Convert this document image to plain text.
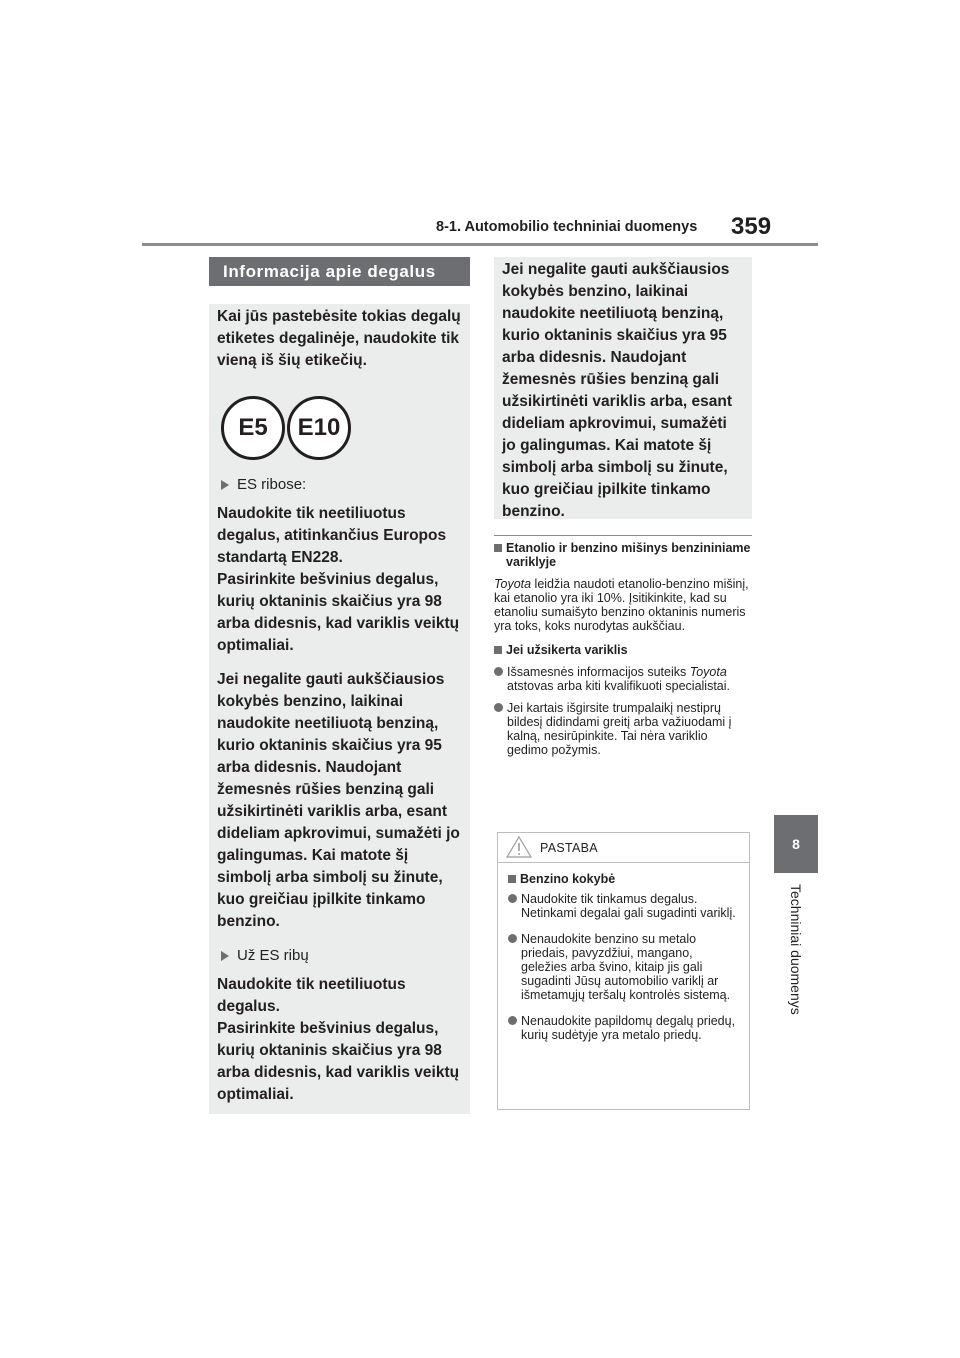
8-1. Automobilio techniniai duomenys 359
8
Techniniai duomenys
Informacija apie degalus

Kai jūs pastebėsite tokias degalų etiketes degalinėje, naudokite tik vieną iš šių etikečių.

E5 E10
ES ribose:

Naudokite tik neetiliuotus degalus, atitinkančius Europos standartą EN228.

Pasirinkite bešvinius degalus, kurių oktaninis skaičius yra 98 arba didesnis, kad variklis veiktų optimaliai.

Jei negalite gauti aukščiausios kokybės benzino, laikinai naudokite neetiliuotą benziną, kurio oktaninis skaičius yra 95 arba didesnis. Naudojant žemesnės rūšies benziną gali užsikirtinėti variklis arba, esant dideliam apkrovimui, sumažėti jo galingumas. Kai matote šį simbolį arba simbolį su žinute, kuo greičiau įpilkite tinkamo benzino.

Už ES ribų

Naudokite tik neetiliuotus degalus.

Pasirinkite bešvinius degalus, kurių oktaninis skaičius yra 98 arba didesnis, kad variklis veiktų optimaliai.

Jei negalite gauti aukščiausios kokybės benzino, laikinai naudokite neetiliuotą benziną, kurio oktaninis skaičius yra 95 arba didesnis. Naudojant žemesnės rūšies benziną gali užsikirtinėti variklis arba, esant dideliam apkrovimui, sumažėti jo galingumas. Kai matote šį simbolį arba simbolį su žinute, kuo greičiau įpilkite tinkamo benzino.

Etanolio ir benzino mišinys benzininiame variklyje

Toyota leidžia naudoti etanolio-benzino mišinį, kai etanolio yra iki 10%. Įsitikinkite, kad su etanoliu sumaišyto benzino oktaninis numeris yra toks, koks nurodytas aukščiau.

Jei užsikerta variklis
Išsamesnės informacijos suteiks Toyota atstovas arba kiti kvalifikuoti specialistai.
Jei kartais išgirsite trumpalaikį nestiprų bildesį didindami greitį arba važiuodami į kalną, nesirūpinkite. Tai nėra variklio gedimo požymis.
PASTABA
Benzino kokybė
Naudokite tik tinkamus degalus. Netinkami degalai gali sugadinti variklį.
Nenaudokite benzino su metalo priedais, pavyzdžiui, mangano, geležies arba švino, kitaip jis gali sugadinti Jūsų automobilio variklį ar išmetamųjų teršalų kontrolės sistemą.
Nenaudokite papildomų degalų priedų, kurių sudėtyje yra metalo priedų.
